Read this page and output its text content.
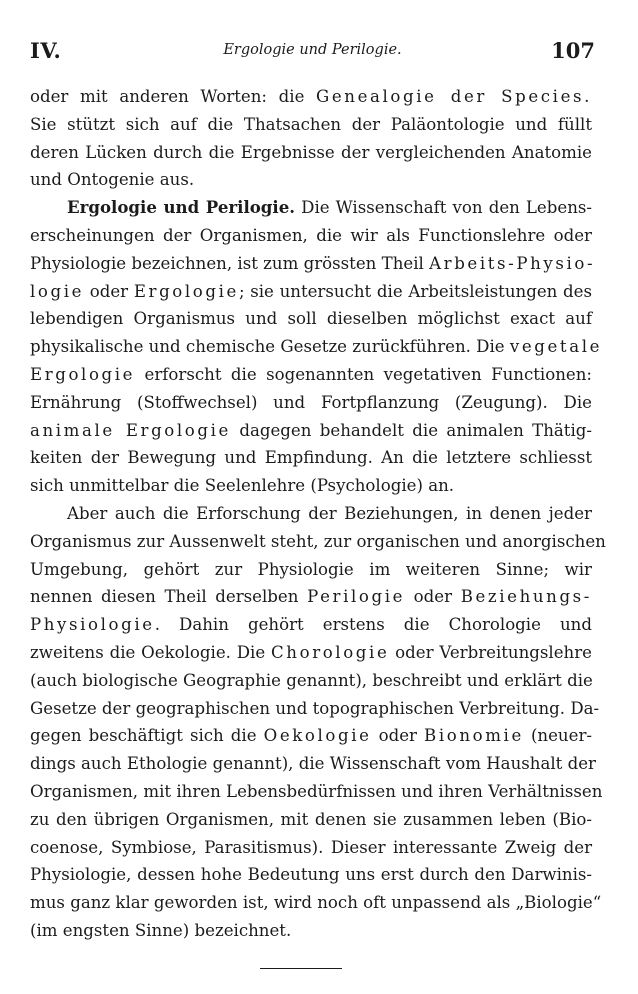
IV.	Ergologie und Perilogie.	107
oder mit anderen Worten: die Genealogie der Species.
Sie stützt sich auf die Thatsachen der Paläontologie und füllt
deren Lücken durch die Ergebnisse der vergleichenden Anatomie
und Ontogenie aus.
Ergologie und Perilogie. Die Wissenschaft von den Lebens-
erscheinungen der Organismen, die wir als Functionslehre oder
Physiologie bezeichnen, ist zum grössten Theil Arbeits-Physio-
logie oder Ergologie; sie untersucht die Arbeitsleistungen des
lebendigen Organismus und soll dieselben möglichst exact auf
physikalische und chemische Gesetze zurückführen. Die vegetale
Ergologie erforscht die sogenannten vegetativen Functionen:
Ernährung (Stoffwechsel) und Fortpflanzung (Zeugung). Die
animale Ergologie dagegen behandelt die animalen Thätig-
keiten der Bewegung und Empfindung. An die letztere schliesst
sich unmittelbar die Seelenlehre (Psychologie) an.
Aber auch die Erforschung der Beziehungen, in denen jeder
Organismus zur Aussenwelt steht, zur organischen und anorgischen
Umgebung, gehört zur Physiologie im weiteren Sinne; wir
nennen diesen Theil derselben Perilogie oder Beziehungs-
Physiologie. Dahin gehört erstens die Chorologie und
zweitens die Oekologie. Die Chorologie oder Verbreitungslehre
(auch biologische Geographie genannt), beschreibt und erklärt die
Gesetze der geographischen und topographischen Verbreitung. Da-
gegen beschäftigt sich die Oekologie oder Bionomie (neuer-
dings auch Ethologie genannt), die Wissenschaft vom Haushalt der
Organismen, mit ihren Lebensbedürfnissen und ihren Verhältnissen
zu den übrigen Organismen, mit denen sie zusammen leben (Bio-
coenose, Symbiose, Parasitismus). Dieser interessante Zweig der
Physiologie, dessen hohe Bedeutung uns erst durch den Darwinis-
mus ganz klar geworden ist, wird noch oft unpassend als „Biologie“
(im engsten Sinne) bezeichnet.
